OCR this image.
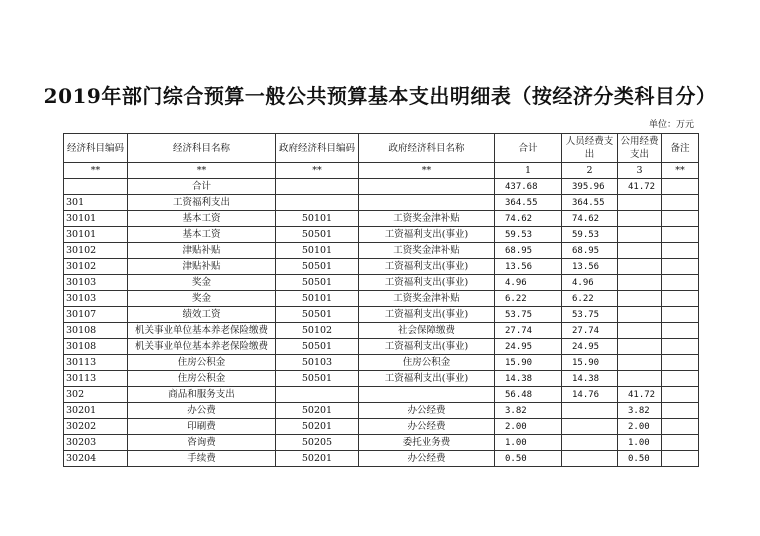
2019年部门综合预算一般公共预算基本支出明细表（按经济分类科目分）
单位：万元
经济科目编码	经济科目名称	政府经济科目编码	政府经济科目名称	合计	人员经费支出	公用经费支出	备注
**	**	**	**	1	2	3	**
	合计			437.68	395.96	41.72	
301	工资福利支出			364.55	364.55		
30101	基本工资	50101	工资奖金津补贴	74.62	74.62		
30101	基本工资	50501	工资福利支出(事业)	59.53	59.53		
30102	津贴补贴	50101	工资奖金津补贴	68.95	68.95		
30102	津贴补贴	50501	工资福利支出(事业)	13.56	13.56		
30103	奖金	50501	工资福利支出(事业)	4.96	4.96		
30103	奖金	50101	工资奖金津补贴	6.22	6.22		
30107	绩效工资	50501	工资福利支出(事业)	53.75	53.75		
30108	机关事业单位基本养老保险缴费	50102	社会保障缴费	27.74	27.74		
30108	机关事业单位基本养老保险缴费	50501	工资福利支出(事业)	24.95	24.95		
30113	住房公积金	50103	住房公积金	15.90	15.90		
30113	住房公积金	50501	工资福利支出(事业)	14.38	14.38		
302	商品和服务支出			56.48	14.76	41.72	
30201	办公费	50201	办公经费	3.82		3.82	
30202	印刷费	50201	办公经费	2.00		2.00	
30203	咨询费	50205	委托业务费	1.00		1.00	
30204	手续费	50201	办公经费	0.50		0.50	
